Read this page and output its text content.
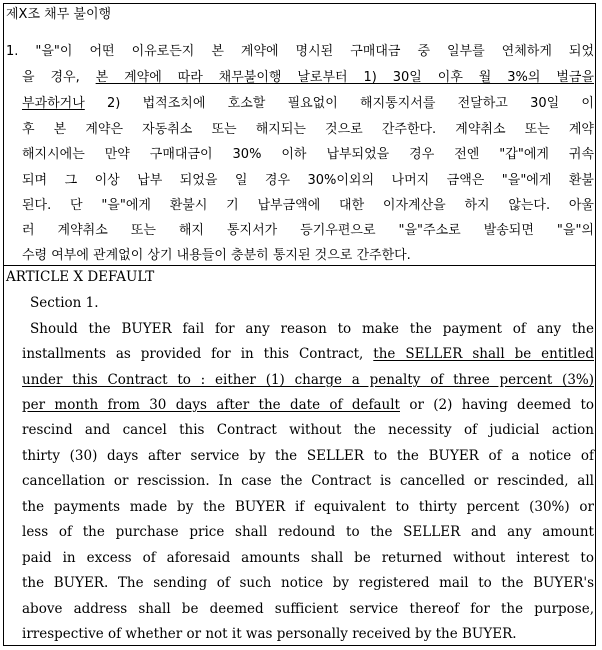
제X조 채무 불이행
1. "을"이 어떤 이유로든지 본 계약에 명시된 구매대금 중 일부를 연체하게 되었
을 경우, 본 계약에 따라 채무불이행 날로부터 1) 30일 이후 월 3%의 벌금을
부과하거나 2) 법적조치에 호소할 필요없이 해지통지서를 전달하고 30일 이
후 본 계약은 자동취소 또는 해지되는 것으로 간주한다. 계약취소 또는 계약
해지시에는 만약 구매대금이 30% 이하 납부되었을 경우 전엔 "갑"에게 귀속
되며 그 이상 납부 되었을 일 경우 30%이외의 나머지 금액은 "을"에게 환불
된다. 단 "을"에게 환불시 기 납부금액에 대한 이자계산을 하지 않는다. 아울
러 계약취소 또는 해지 통지서가 등기우편으로 "을"주소로 발송되면 "을"의
수령 여부에 관계없이 상기 내용들이 충분히 통지된 것으로 간주한다.
ARTICLE X DEFAULT
Section 1.
Should the BUYER fail for any reason to make the payment of any the
installments as provided for in this Contract, the SELLER shall be entitled
under this Contract to : either (1) charge a penalty of three percent (3%)
per month from 30 days after the date of default or (2) having deemed to
rescind and cancel this Contract without the necessity of judicial action
thirty (30) days after service by the SELLER to the BUYER of a notice of
cancellation or rescission. In case the Contract is cancelled or rescinded, all
the payments made by the BUYER if equivalent to thirty percent (30%) or
less of the purchase price shall redound to the SELLER and any amount
paid in excess of aforesaid amounts shall be returned without interest to
the BUYER. The sending of such notice by registered mail to the BUYER's
above address shall be deemed sufficient service thereof for the purpose,
irrespective of whether or not it was personally received by the BUYER.
